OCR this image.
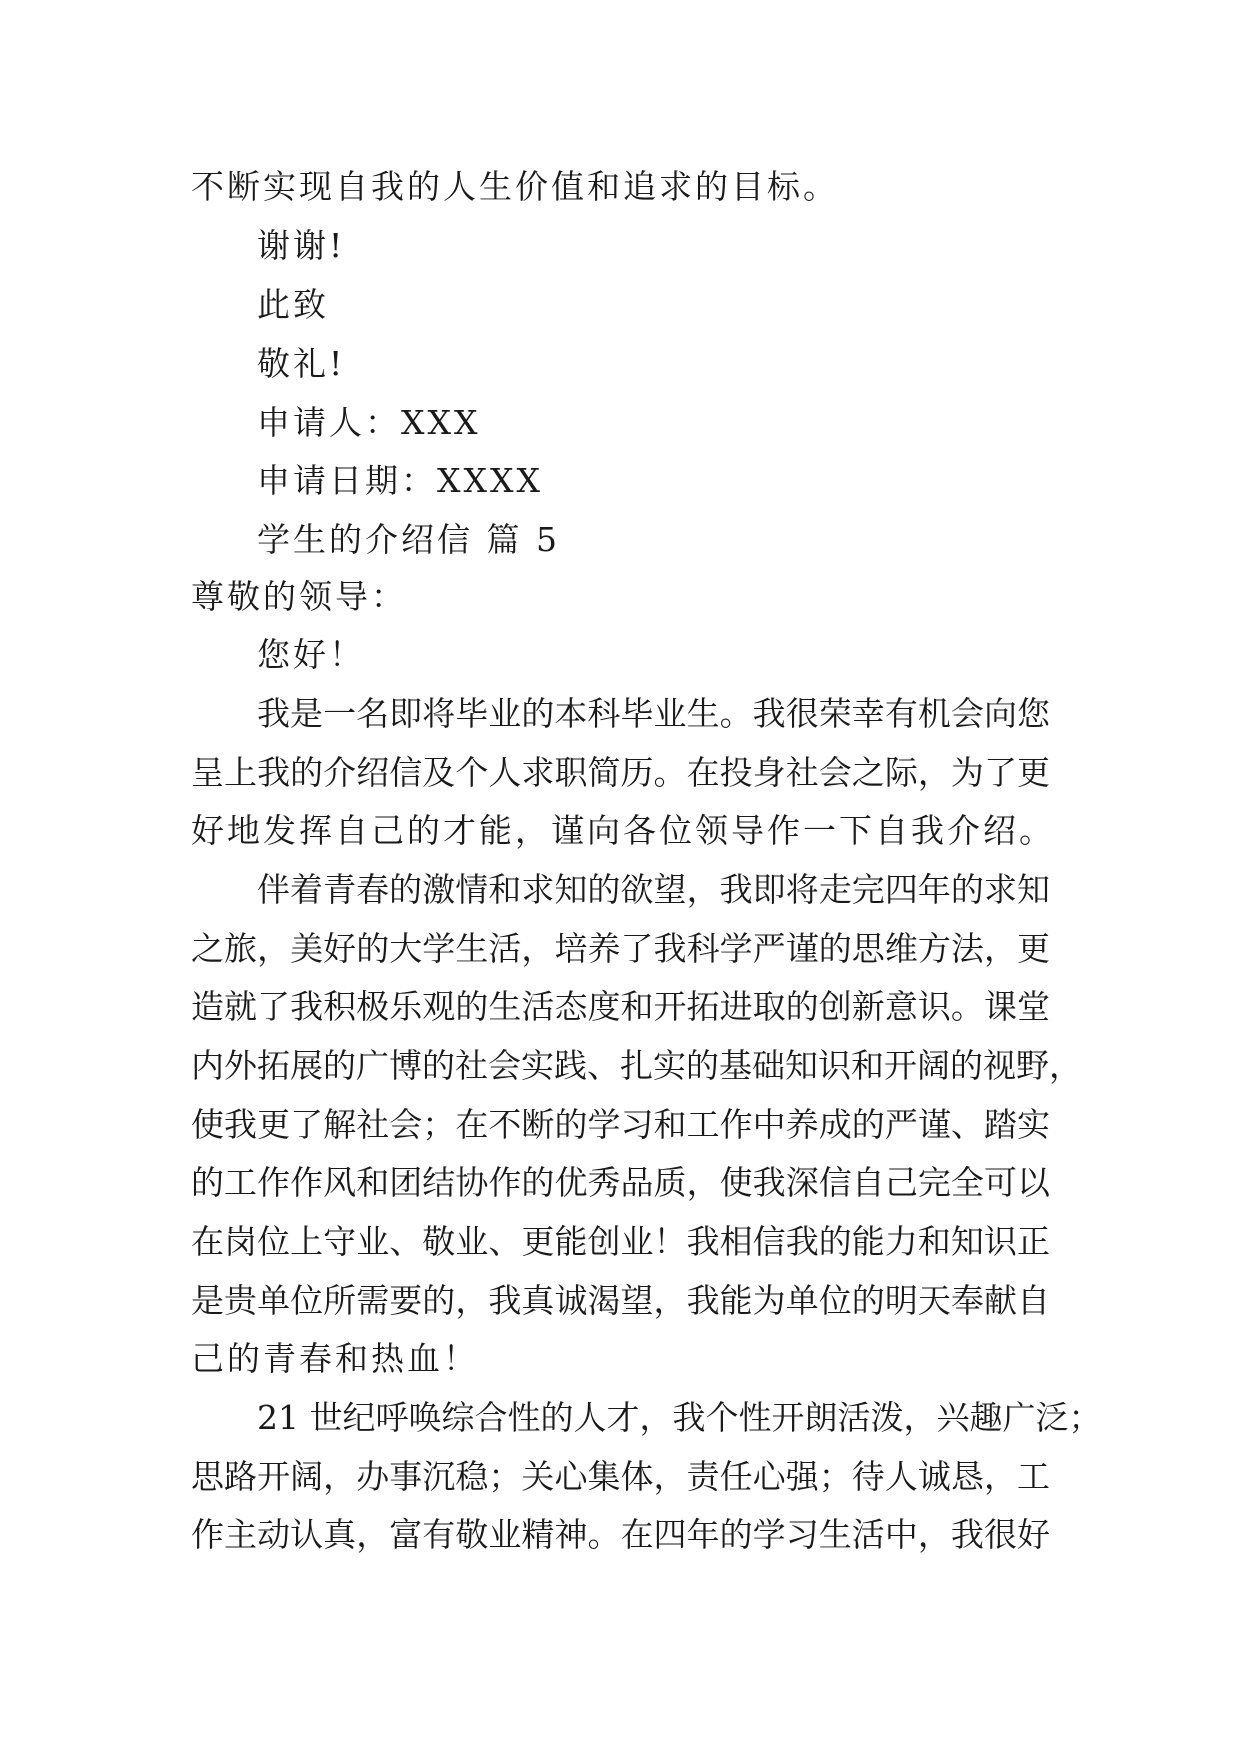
不断实现自我的人生价值和追求的目标。
谢谢!
此致
敬礼!
申请人：XXX
申请日期：XXXX
学生的介绍信 篇 5
尊敬的领导：
您好！
我是一名即将毕业的本科毕业生。我很荣幸有机会向您
呈上我的介绍信及个人求职简历。在投身社会之际，为了更
好地发挥自己的才能，谨向各位领导作一下自我介绍。
伴着青春的激情和求知的欲望，我即将走完四年的求知
之旅，美好的大学生活，培养了我科学严谨的思维方法，更
造就了我积极乐观的生活态度和开拓进取的创新意识。课堂
内外拓展的广博的社会实践、扎实的基础知识和开阔的视野，
使我更了解社会；在不断的学习和工作中养成的严谨、踏实
的工作作风和团结协作的优秀品质，使我深信自己完全可以
在岗位上守业、敬业、更能创业！我相信我的能力和知识正
是贵单位所需要的，我真诚渴望，我能为单位的明天奉献自
己的青春和热血！
21 世纪呼唤综合性的人才，我个性开朗活泼，兴趣广泛；
思路开阔，办事沉稳；关心集体，责任心强；待人诚恳，工
作主动认真，富有敬业精神。在四年的学习生活中，我很好
